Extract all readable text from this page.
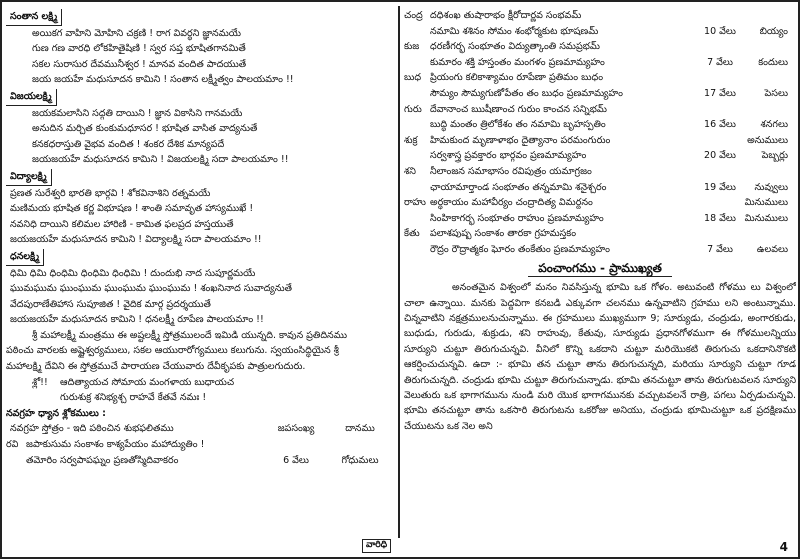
సంతాన లక్ష్మి
అయికగ వాహిని మోహిని చక్రణి ! రాగ వివర్ధని జ్ఞానమయే
గుణ గణ వారధి లోకహితైషిణి ! స్వర సప్త భూషితగానమితే
సకల సురాసుర దేవమునీశ్వర ! మానవ వందిత పాదయుతే
జయ జయహే మధుసూదన కామిని ! సంతాన లక్ష్మీత్వం పాలయమాం !!
విజయలక్ష్మి
జయకమలాసిని సద్గతి దాయిని ! జ్ఞాన వికాసిని గానమయే
అనుదిన మర్చిత కుంకుమధూసర ! భూషిత వాసిత వాద్యనుతే
కనకధరాస్తుతి వైభవ వందిత ! శంకర దేశిక మాన్యపదే
జయజయహే మధుసూదన కామిని ! విజయలక్ష్మి సదా పాలయమాం !!
విద్యాలక్ష్మి
ప్రణత సురేశ్వరి భారతి భార్గవి ! శోకవినాశిని రత్నమయే
మణిమయ భూషిత కర్ణ విభూషణ ! శాంతి సమావృత హాస్యముఖే !
నవనిధి దాయిని కలిమల హారిణి - కామిత ఫలప్రద హస్తయుతే
జయజయహే మధుసూదన కామిని ! విద్యాలక్ష్మి సదా పాలయమాం !!
ధనలక్ష్మి
ధిమి ధిమి ధింధిమి ధింధిమి ధింధిమి ! దుందుభి నాద సుపూర్ణమయే
ఘుమఘుమ ఘుంఘుమ ఘుంఘుమ ఘుంఘుమ ! శంఖనినాద సువాద్యనుతే
వేదపురాణేతిహాస సుపూజిత ! వైదిక మార్గ ప్రదర్శయుతే
జయజయహే మధుసూదన కామిని ! ధనలక్ష్మీ రూపేణ పాలయమాం !!
శ్రీ మహాలక్ష్మీ మంత్రము ఈ అష్టలక్ష్మీ స్తోత్రములందే ఇమిడి యున్నది. కావున ప్రతిదినము
పఠించు వారలకు అష్టైశ్వర్యములు, సకల ఆయురారోగ్యములు కలుగును. స్వయంసిద్ధియైన శ్రీ
మహాలక్ష్మి దేవిని ఈ స్తోత్రముచే పారాయణ చేయువారు దేవీకృపకు పాత్రులగుదురు.
శ్లో!! ఆదిత్యాయచ సోమాయ మంగళాయ బుధాయచ
గురుశుక్ర శనిభ్యశ్చ రాహవే కేతవే నమః !
నవగ్రహ ధ్యాన శ్లోకములు :
నవగ్రహ స్తోత్రం - ఇది పఠించిన శుభఫలితము	జపసంఖ్య	దానము
రవి జపాకుసుమ సంకాశం కాశ్యపేయం మహాద్యుతిం !
తమోరిం సర్వపాపఘ్నం ప్రణతోస్మిదివాకరం	6 వేలు	గోధుమలు
చంద్ర దధిశంఖ తుషారాభం క్షీరోదార్ణవ సంభవమ్
నమామి శశినం సోమం శంభోర్మకుట భూషణమ్	10 వేలు	బియ్యం
కుజ	ధరణీగర్భ సంభూతం విద్యుత్కాంతి సమప్రభమ్
కుమారం శక్తి హస్తంతం మంగళం ప్రణమామ్యహం	7 వేలు	కందులు
బుధ ప్రియంగు కలికాశ్యామం రూపేణా ప్రతిమం బుధం
సౌమ్యం సౌమ్యగుణోపేతం తం బుధం ప్రణమామ్యహం	17 వేలు	పెసలు
గురు దేవానాంచ ఋషీణాంచ గురుం కాంచన సన్నిభమ్
బుద్ధి మంతం త్రిలోకేశం తం నమామి బృహస్పతిం	16 వేలు	శనగలు
శుక్ర	హిమకుంద మృణాళాభం దైత్యానాం పరమంగురుం	అనుములు
సర్వశాస్త్ర ప్రవక్తారం భార్గవం ప్రణమామ్యహం	20 వేలు	పెబ్బర్లు
శని	నీలాంజన సమాభాసం రవిపుత్రం యమాగ్రజం
ఛాయామార్తాండ సంభూతం తన్నమామి శనైశ్చరం	19 వేలు	నువ్వులు
రాహు అర్ధకాయం మహావీర్యం చంద్రాదిత్య విమర్దనం	మినుములు
సింహికాగర్భ సంభూతం రాహుం ప్రణమామ్యహం	18 వేలు మినుములు
కేతు	పలాశపుష్ప సంకాశం తారకా గ్రహమస్తకం
రౌద్రం రౌద్రాత్మకం ఘోరం తంకేతుం ప్రణమామ్యహం	7 వేలు	ఉలవలు
పంచాంగము - ప్రాముఖ్యత
అనంతమైన విశ్వంలో మనం నివసిస్తున్న భూమి ఒక గోళం. అటువంటి గోళము లు విశ్వంలో చాలా ఉన్నాయి. మనకు పెద్దవిగా కనబడి ఎక్కువగా చలనము ఉన్నవాటిని గ్రహము లని అంటున్నాము. చిన్నవాటిని నక్షత్రములనుచున్నాము. ఈ గ్రహములు ముఖ్యముగా 9; సూర్యుడు, చంద్రుడు, అంగారకుడు, బుధుడు, గురుడు, శుక్రుడు, శని రాహువు, కేతువు, సూర్యుడు ప్రధానగోళముగా ఈ గోళములన్నియు సూర్యుని చుట్టూ తిరుగుచున్నవి. వీనిలో కొన్ని ఒకదాని చుట్టూ మరియొకటి తిరుగుచు ఒకదానినొకటి ఆకర్షించుచున్నవి. ఉదా :- భూమి తన చుట్టూ తాను తిరుగుచున్నది, మరియు సూర్యుని చుట్టూ గూడ తిరుగుచున్నది. చంద్రుడు భూమి చుట్టూ తిరుగుచున్నాడు. భూమి తనచుట్టూ తాను తిరుగుటవలన సూర్యుని వెలుతురు ఒక భాగాగమును నుండి మరి యొక భాగాగమునకు వచ్చుటవలనే రాత్రి, పగలు ఏర్పడుచున్నవి. భూమి తనచుట్టూ తాను ఒకసారి తిరుగుటను ఒకరోజు అనియు, చంద్రుడు భూమిచుట్టూ ఒక ప్రదక్షిణము చేయుటను ఒక నెల అని
వారిధి	4
